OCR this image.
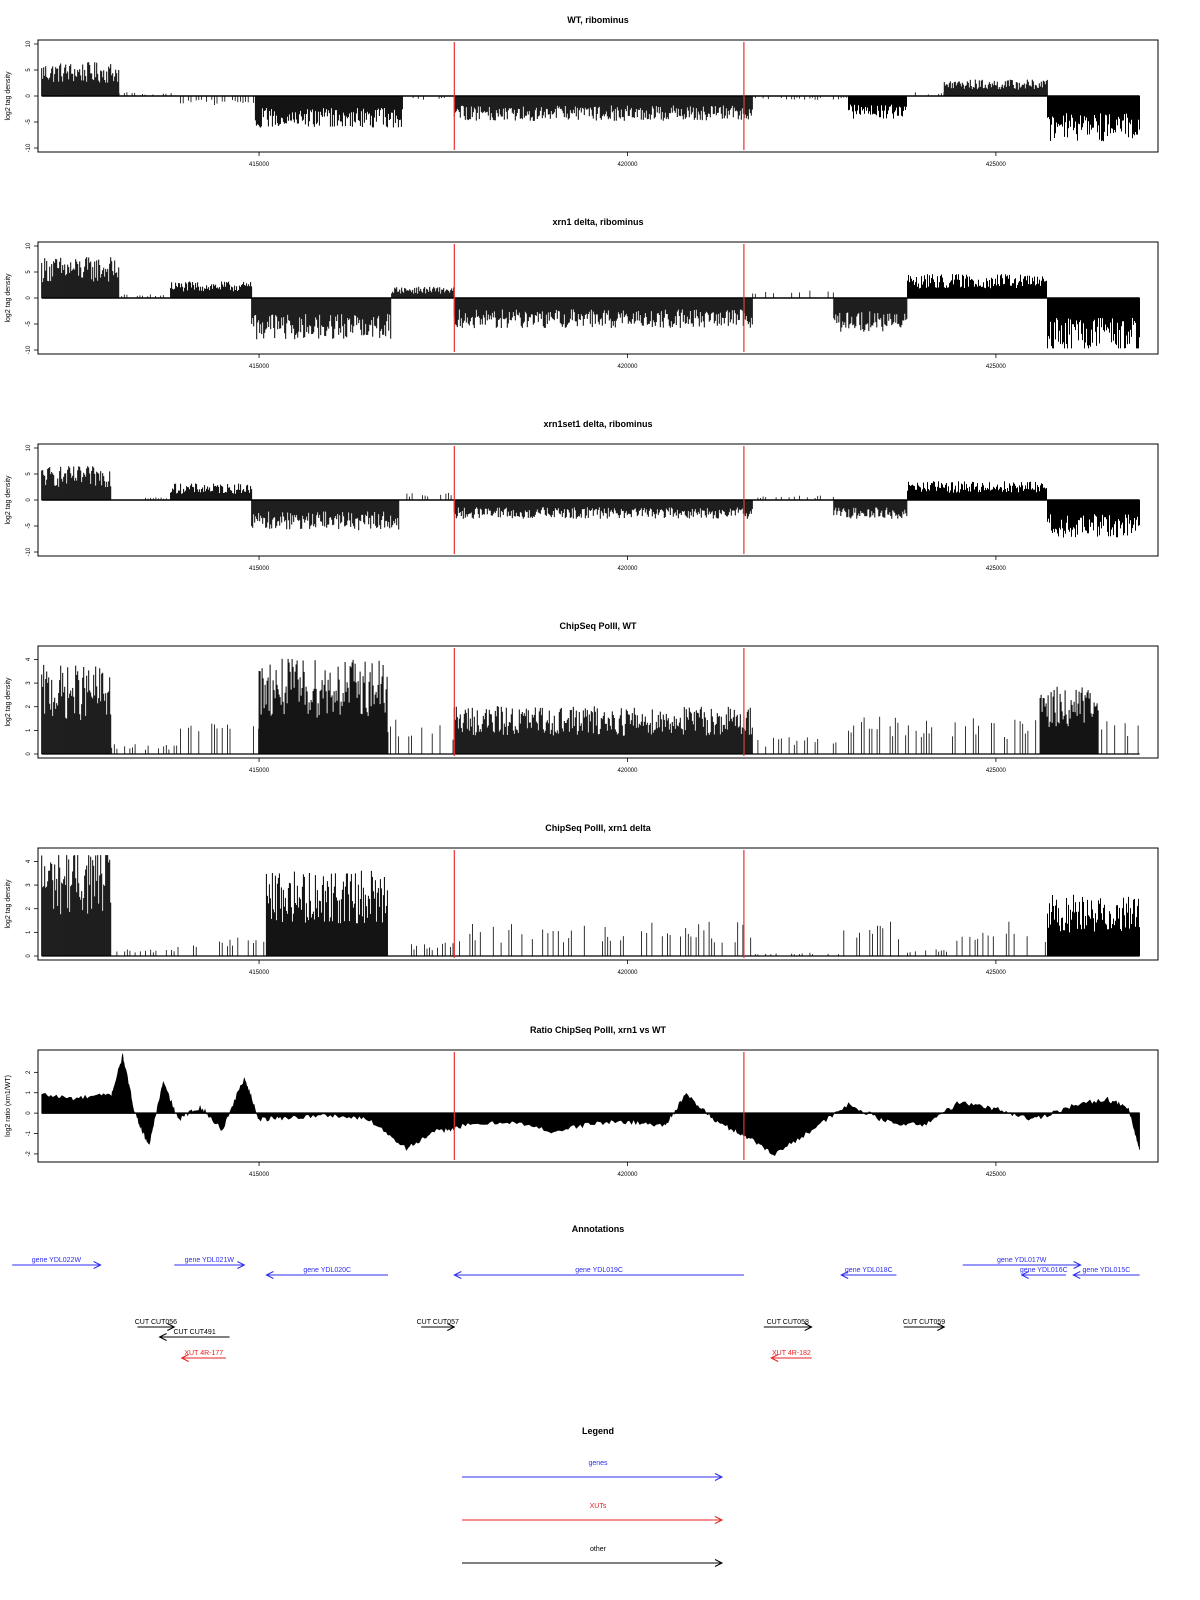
WT, ribominus
log2 tag density
-10
-5
0
5
10
415000	420000	425000
xrn1 delta, ribominus
log2 tag density
-10
-5
0
5
10
415000	420000	425000
xrn1set1 delta, ribominus
log2 tag density
-10
-5
0
5
10
415000	420000	425000
ChipSeq PolII, WT
log2 tag density
0
1
2
3
4
415000	420000	425000
ChipSeq PolII, xrn1 delta
log2 tag density
0
1
2
3
4
415000	420000	425000
Ratio ChipSeq PolII, xrn1 vs WT
log2 ratio (xrn1/WT)
-2
-1
0
1
2
415000	420000	425000
Annotations
gene YDL022W	gene YDL021W
gene YDL020C	gene YDL019C	gene YDL018C
gene YDL017W
gene YDL016C gene YDL015C
CUT CUT056
CUT CUT491
CUT CUT057	CUT CUT058	CUT CUT059
XUT 4R-177	XUT 4R-182
Legend
genes
XUTs
other
